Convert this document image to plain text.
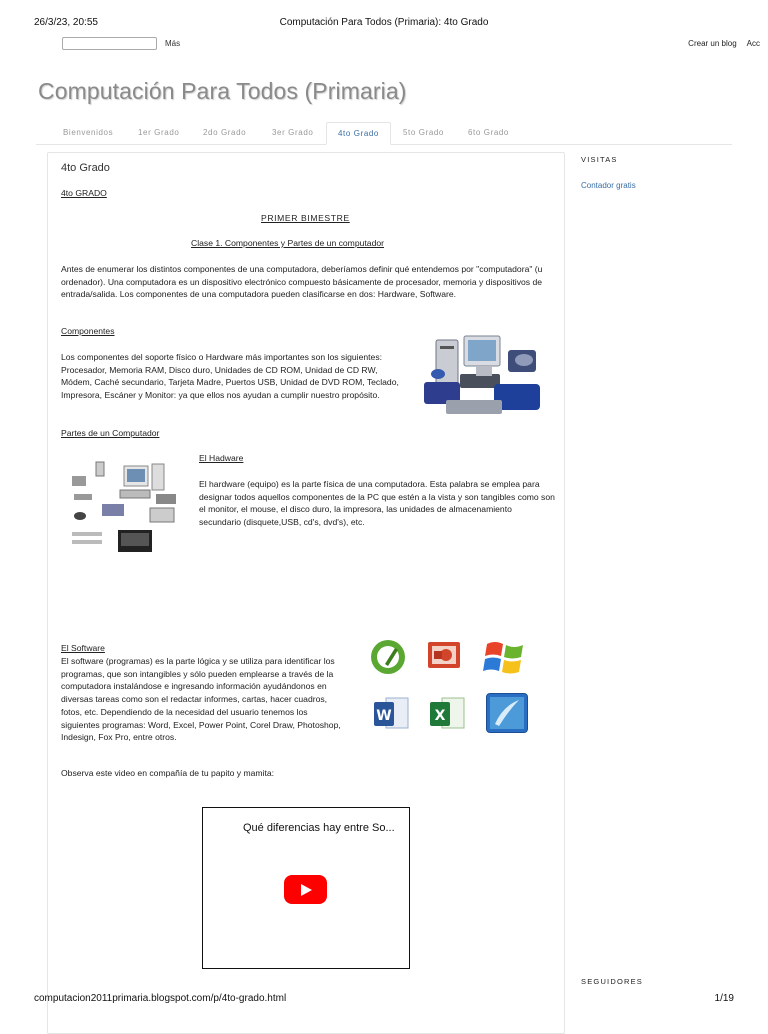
26/3/23, 20:55	Computación Para Todos (Primaria): 4to Grado
Más	Crear un blog Acc
Computación Para Todos (Primaria)
Bienvenidos	1er Grado	2do Grado	3er Grado	4to Grado	5to Grado	6to Grado
4to Grado
4to GRADO
PRIMER BIMESTRE
Clase 1. Componentes y Partes de un computador
Antes de enumerar los distintos componentes de una computadora, deberíamos definir qué entendemos por "computadora" (u ordenador). Una computadora es un dispositivo electrónico compuesto básicamente de procesador, memoria y dispositivos de entrada/salida. Los componentes de una computadora pueden clasificarse en dos: Hardware, Software.
Componentes
Los componentes del soporte físico o Hardware más importantes son los siguientes: Procesador, Memoria RAM, Disco duro, Unidades de CD ROM, Unidad de CD RW, Módem, Caché secundario, Tarjeta Madre, Puertos USB, Unidad de DVD ROM, Teclado, Impresora, Escáner y Monitor: ya que ellos nos ayudan a cumplir nuestro propósito.
Partes de un Computador
El Hadware
El hardware (equipo) es la parte física de una computadora. Esta palabra se emplea para designar todos aquellos componentes de la PC que estén a la vista y son tangibles como son el monitor, el mouse, el disco duro, la impresora, las unidades de almacenamiento secundario (disquete,USB, cd's, dvd's), etc.
El Software
El software (programas) es la parte lógica y se utiliza para identificar los programas, que son intangibles y sólo pueden emplearse a través de la computadora instalándose e ingresando información ayudándonos en diversas tareas como son el redactar informes, cartas, hacer cuadros, fotos, etc. Dependiendo de la necesidad del usuario tenemos los siguientes programas: Word, Excel, Power Point, Corel Draw, Photoshop, Indesign, Fox Pro, entre otros.
W	X
Observa este video en compañía de tu papito y mamita:
Qué diferencias hay entre So...
VISITAS
Contador gratis
SEGUIDORES
computacion2011primaria.blogspot.com/p/4to-grado.html	1/19
